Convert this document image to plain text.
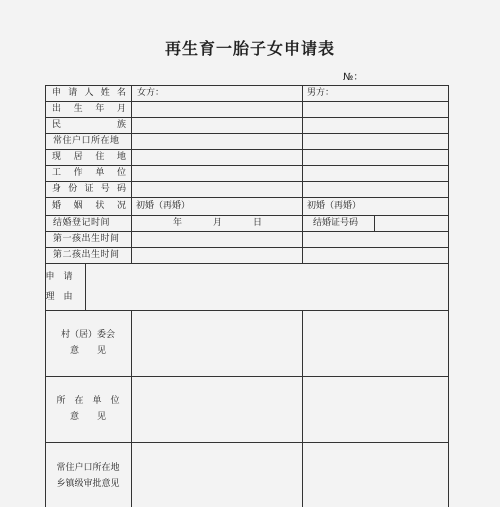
再生育一胎子女申请表
№：
申请人姓名 女方：	男方：
出生年月
民族
常住户口所在地
现居住地
工作单位
身份证号码
婚姻状况 初婚（再婚）	初婚（再婚）
结婚登记时间	年	月	日	结婚证号码
第一孩出生时间
第二孩出生时间
申　请
理　由
村（居）委会
意　　见
所　在　单　位
意　　见
常住户口所在地
乡镇级审批意见
